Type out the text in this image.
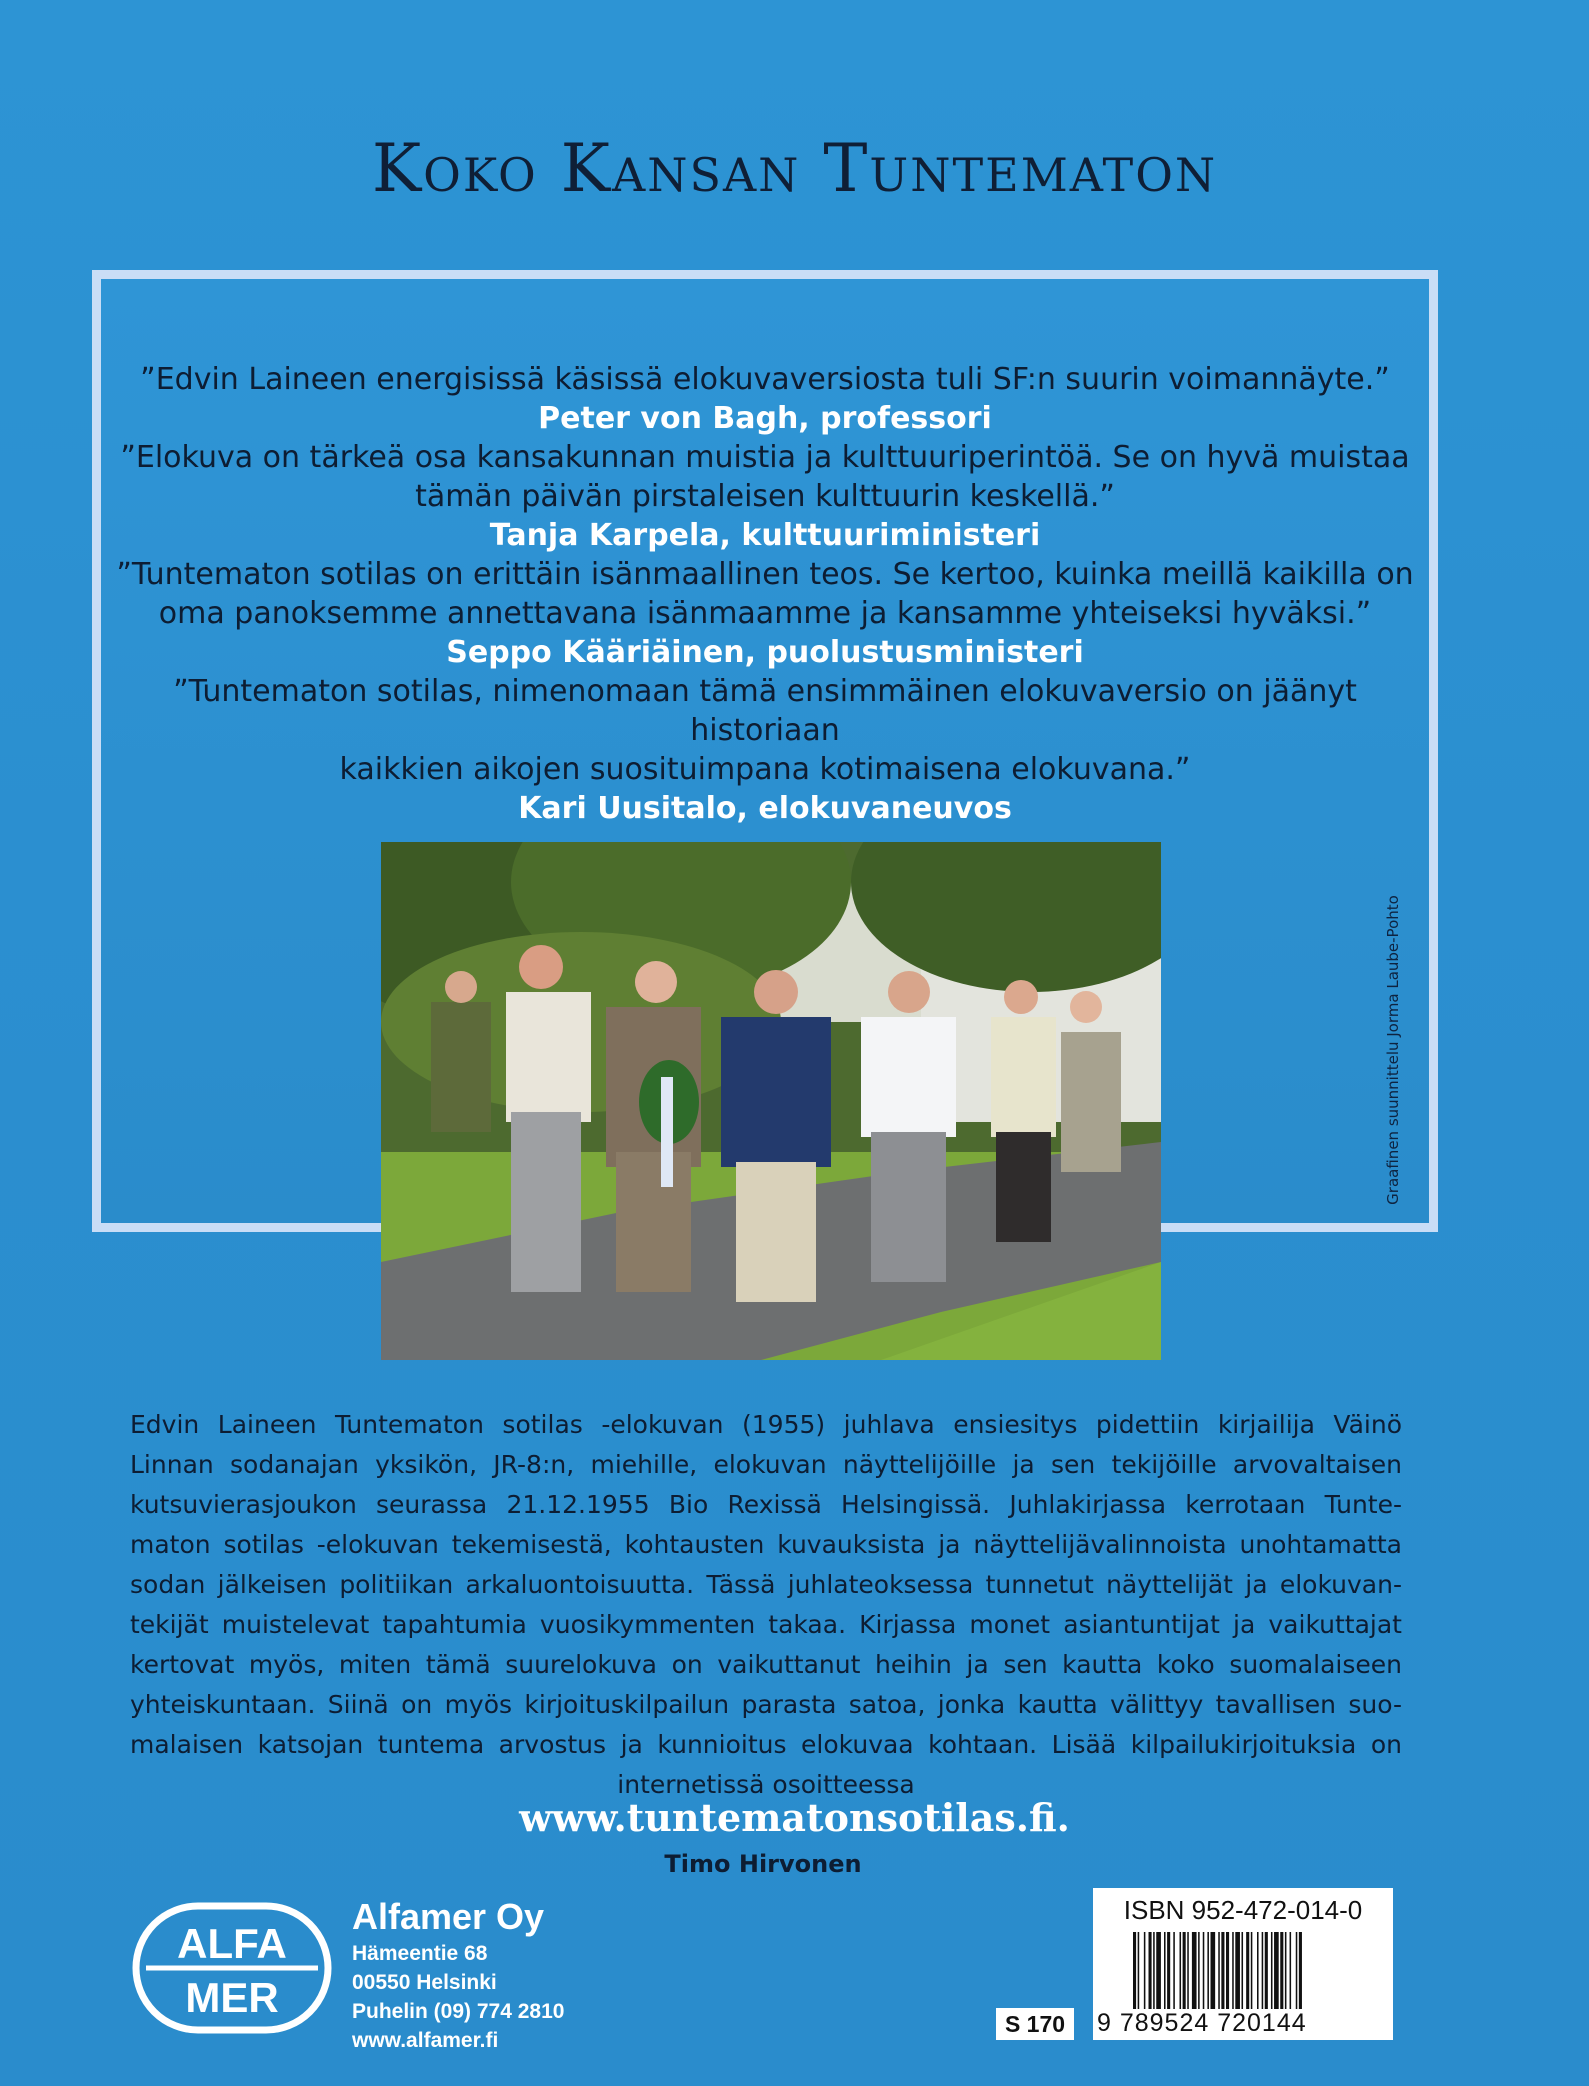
Koko Kansan Tuntematon
”Edvin Laineen energisissä käsissä elokuvaversiosta tuli SF:n suurin voimannäyte.”
Peter von Bagh, professori
”Elokuva on tärkeä osa kansakunnan muistia ja kulttuuriperintöä. Se on hyvä muistaa
tämän päivän pirstaleisen kulttuurin keskellä.”
Tanja Karpela, kulttuuriministeri
”Tuntematon sotilas on erittäin isänmaallinen teos. Se kertoo, kuinka meillä kaikilla on
oma panoksemme annettavana isänmaamme ja kansamme yhteiseksi hyväksi.”
Seppo Kääriäinen, puolustusministeri
”Tuntematon sotilas, nimenomaan tämä ensimmäinen elokuvaversio on jäänyt historiaan
kaikkien aikojen suosituimpana kotimaisena elokuvana.”
Kari Uusitalo, elokuvaneuvos
Graafinen suunnittelu Jorma Laube-Pohto
Edvin Laineen Tuntematon sotilas -elokuvan (1955) juhlava ensiesitys pidettiin kirjailija Väinö
Linnan sodanajan yksikön, JR-8:n, miehille, elokuvan näyttelijöille ja sen tekijöille arvovaltaisen
kutsuvierasjoukon seurassa 21.12.1955 Bio Rexissä Helsingissä. Juhlakirjassa kerrotaan Tunte-
maton sotilas -elokuvan tekemisestä, kohtausten kuvauksista ja näyttelijävalinnoista unohtamatta
sodan jälkeisen politiikan arkaluontoisuutta. Tässä juhlateoksessa tunnetut näyttelijät ja elokuvan-
tekijät muistelevat tapahtumia vuosikymmenten takaa. Kirjassa monet asiantuntijat ja vaikuttajat
kertovat myös, miten tämä suurelokuva on vaikuttanut heihin ja sen kautta koko suomalaiseen
yhteiskuntaan. Siinä on myös kirjoituskilpailun parasta satoa, jonka kautta välittyy tavallisen suo-
malaisen katsojan tuntema arvostus ja kunnioitus elokuvaa kohtaan. Lisää kilpailukirjoituksia on
internetissä osoitteessa
www.tuntematonsotilas.fi.
Timo Hirvonen
ALFA
MER
Alfamer Oy
Hämeentie 68
00550 Helsinki
Puhelin (09) 774 2810
www.alfamer.fi
S 170
ISBN 952-472-014-0
9 789524 720144
